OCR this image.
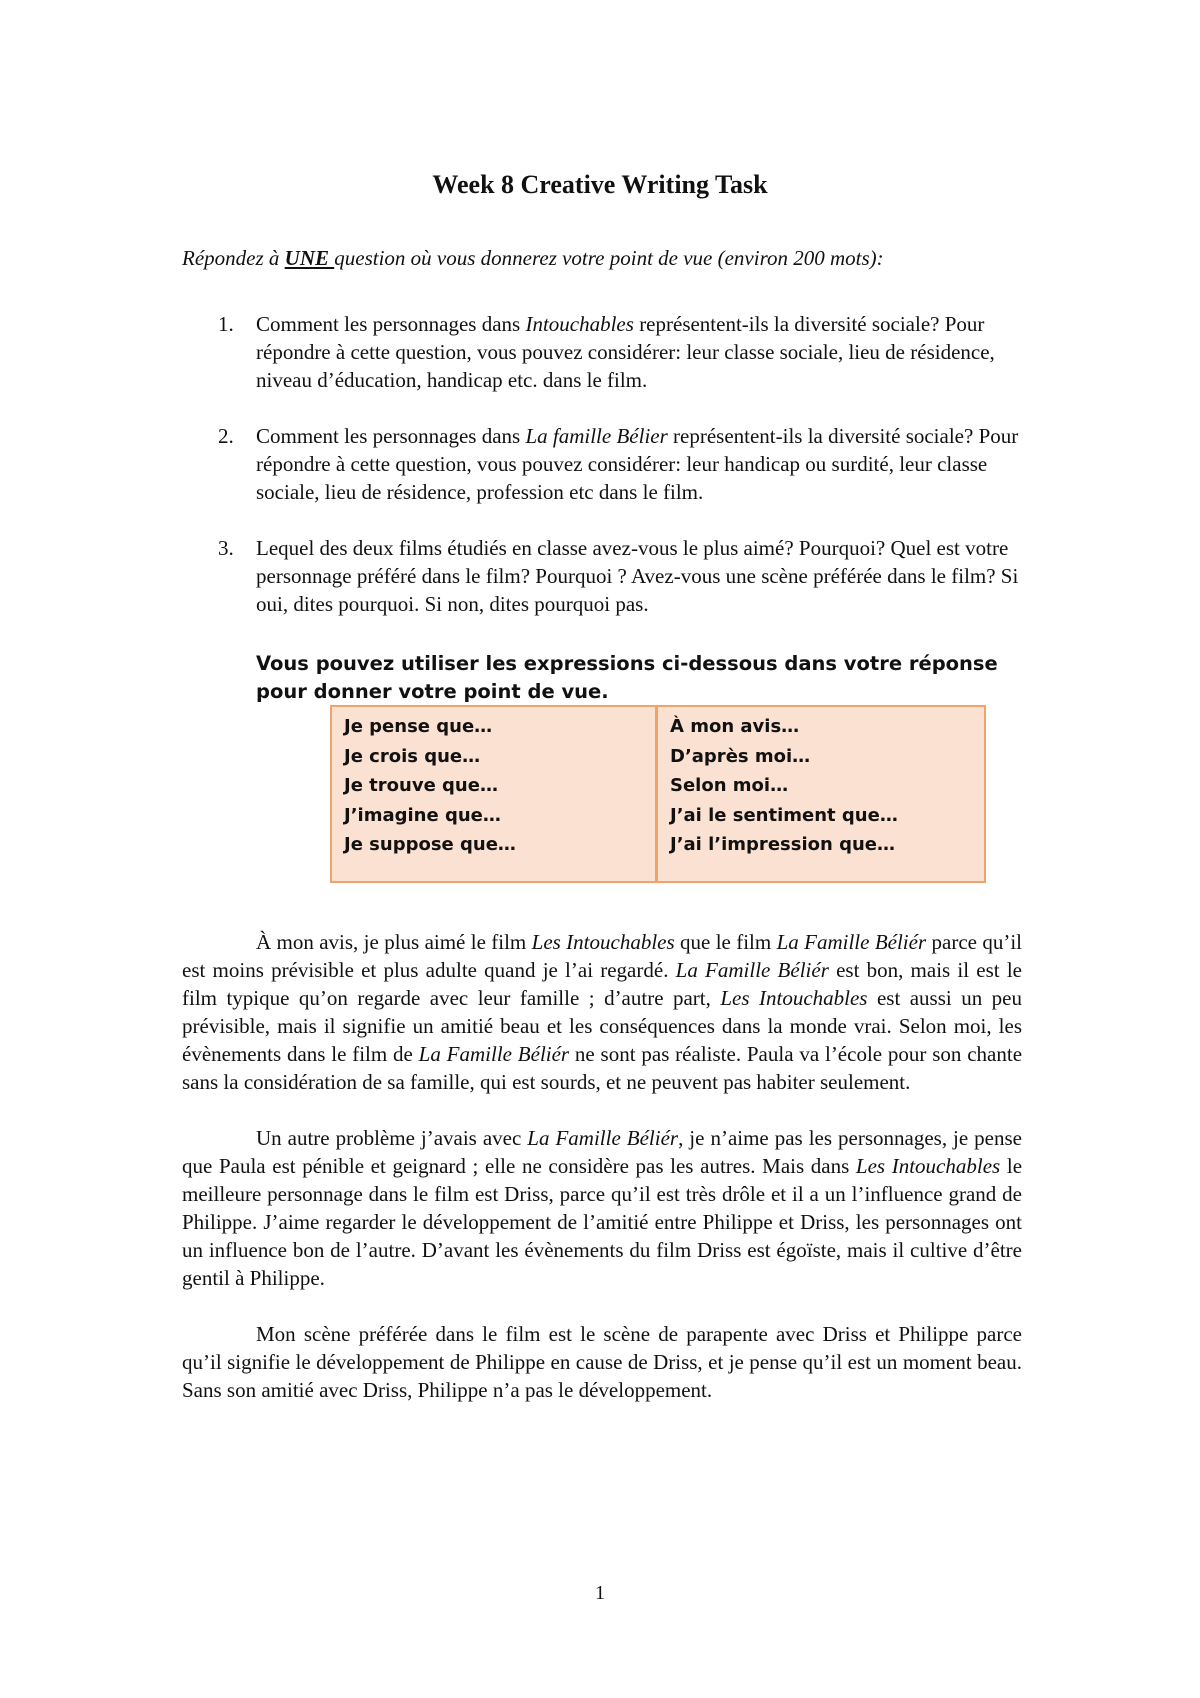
Week 8 Creative Writing Task
Répondez à UNE question où vous donnerez votre point de vue (environ 200 mots):
1. Comment les personnages dans Intouchables représentent-ils la diversité sociale? Pour répondre à cette question, vous pouvez considérer: leur classe sociale, lieu de résidence, niveau d’éducation, handicap etc. dans le film.
2. Comment les personnages dans La famille Bélier représentent-ils la diversité sociale? Pour répondre à cette question, vous pouvez considérer: leur handicap ou surdité, leur classe sociale, lieu de résidence, profession etc dans le film.
3. Lequel des deux films étudiés en classe avez-vous le plus aimé? Pourquoi? Quel est votre personnage préféré dans le film? Pourquoi ? Avez-vous une scène préférée dans le film? Si oui, dites pourquoi. Si non, dites pourquoi pas.
Vous pouvez utiliser les expressions ci-dessous dans votre réponse pour donner votre point de vue.
Je pense que…
Je crois que…
Je trouve que…
J’imagine que…
Je suppose que…
À mon avis…
D’après moi…
Selon moi…
J’ai le sentiment que…
J’ai l’impression que…

À mon avis, je plus aimé le film Les Intouchables que le film La Famille Béliér parce qu’il est moins prévisible et plus adulte quand je l’ai regardé. La Famille Béliér est bon, mais il est le film typique qu’on regarde avec leur famille ; d’autre part, Les Intouchables est aussi un peu prévisible, mais il signifie un amitié beau et les conséquences dans la monde vrai. Selon moi, les évènements dans le film de La Famille Béliér ne sont pas réaliste. Paula va l’école pour son chante sans la considération de sa famille, qui est sourds, et ne peuvent pas habiter seulement.

Un autre problème j’avais avec La Famille Béliér, je n’aime pas les personnages, je pense que Paula est pénible et geignard ; elle ne considère pas les autres. Mais dans Les Intouchables le meilleure personnage dans le film est Driss, parce qu’il est très drôle et il a un l’influence grand de Philippe. J’aime regarder le développement de l’amitié entre Philippe et Driss, les personnages ont un influence bon de l’autre. D’avant les évènements du film Driss est égoïste, mais il cultive d’être gentil à Philippe.

Mon scène préférée dans le film est le scène de parapente avec Driss et Philippe parce qu’il signifie le développement de Philippe en cause de Driss, et je pense qu’il est un moment beau. Sans son amitié avec Driss, Philippe n’a pas le développement.

1
